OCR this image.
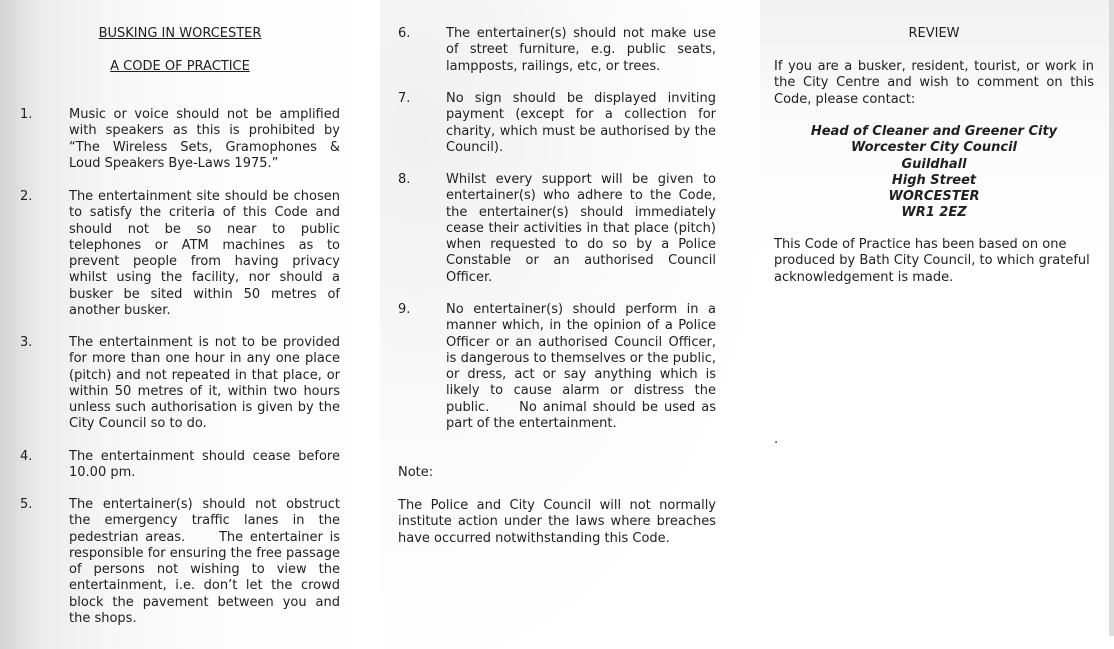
BUSKING IN WORCESTER
A CODE OF PRACTICE
1.	Music or voice should not be amplified with speakers as this is prohibited by “The Wireless Sets, Gramophones & Loud Speakers Bye-Laws 1975.”
2.	The entertainment site should be chosen to satisfy the criteria of this Code and should not be so near to public telephones or ATM machines as to prevent people from having privacy whilst using the facility, nor should a busker be sited within 50 metres of another busker.
3.	The entertainment is not to be provided for more than one hour in any one place (pitch) and not repeated in that place, or within 50 metres of it, within two hours unless such authorisation is given by the City Council so to do.
4.	The entertainment should cease before 10.00 pm.
5.	The entertainer(s) should not obstruct the emergency traffic lanes in the pedestrian areas.     The entertainer is responsible for ensuring the free passage of persons not wishing to view the entertainment, i.e. don’t let the crowd block the pavement between you and the shops.
6.	The entertainer(s) should not make use of street furniture, e.g. public seats, lampposts, railings, etc, or trees.
7.	No sign should be displayed inviting payment (except for a collection for charity, which must be authorised by the Council).
8.	Whilst every support will be given to entertainer(s) who adhere to the Code, the entertainer(s) should immediately cease their activities in that place (pitch) when requested to do so by a Police Constable or an authorised Council Officer.
9.	No entertainer(s) should perform in a manner which, in the opinion of a Police Officer or an authorised Council Officer, is dangerous to themselves or the public, or dress, act or say anything which is likely to cause alarm or distress the public.     No animal should be used as part of the entertainment.
Note:
The Police and City Council will not normally institute action under the laws where breaches have occurred notwithstanding this Code.
REVIEW
If you are a busker, resident, tourist, or work in the City Centre and wish to comment on this Code, please contact:
Head of Cleaner and Greener City
Worcester City Council
Guildhall
High Street
WORCESTER
WR1 2EZ
This Code of Practice has been based on one produced by Bath City Council, to which grateful acknowledgement is made.
.
